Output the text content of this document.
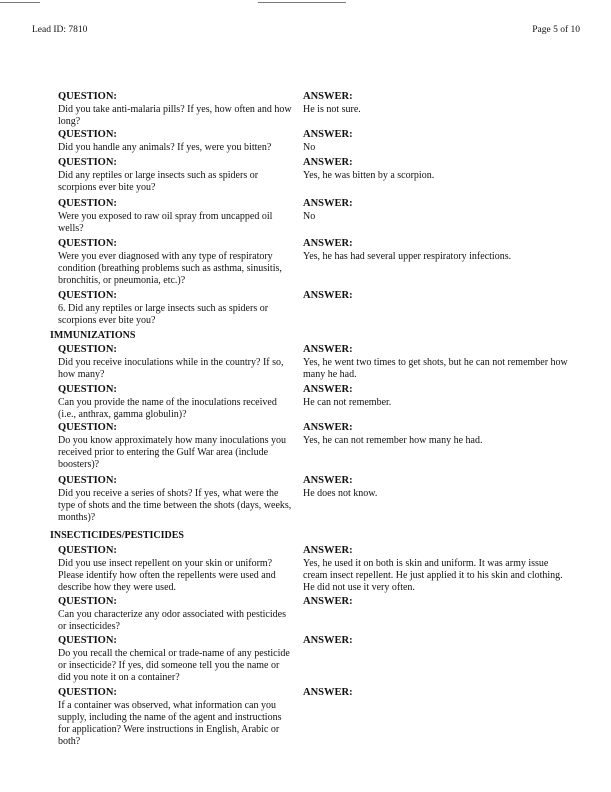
Lead ID: 7810	Page 5 of 10
QUESTION:
Did you take anti-malaria pills? If yes, how often and how long?
ANSWER:
He is not sure.
QUESTION:
Did you handle any animals? If yes, were you bitten?
ANSWER:
No
QUESTION:
Did any reptiles or large insects such as spiders or scorpions ever bite you?
ANSWER:
Yes, he was bitten by a scorpion.
QUESTION:
Were you exposed to raw oil spray from uncapped oil wells?
ANSWER:
No
QUESTION:
Were you ever diagnosed with any type of respiratory condition (breathing problems such as asthma, sinusitis, bronchitis, or pneumonia, etc.)?
ANSWER:
Yes, he has had several upper respiratory infections.
QUESTION:
6. Did any reptiles or large insects such as spiders or scorpions ever bite you?
ANSWER:
IMMUNIZATIONS
QUESTION:
Did you receive inoculations while in the country? If so, how many?
ANSWER:
Yes, he went two times to get shots, but he can not remember how many he had.
QUESTION:
Can you provide the name of the inoculations received (i.e., anthrax, gamma globulin)?
ANSWER:
He can not remember.
QUESTION:
Do you know approximately how many inoculations you received prior to entering the Gulf War area (include boosters)?
ANSWER:
Yes, he can not remember how many he had.
QUESTION:
Did you receive a series of shots? If yes, what were the type of shots and the time between the shots (days, weeks, months)?
ANSWER:
He does not know.
INSECTICIDES/PESTICIDES
QUESTION:
Did you use insect repellent on your skin or uniform? Please identify how often the repellents were used and describe how they were used.
ANSWER:
Yes, he used it on both is skin and uniform. It was army issue cream insect repellent. He just applied it to his skin and clothing. He did not use it very often.
QUESTION:
Can you characterize any odor associated with pesticides or insecticides?
ANSWER:
QUESTION:
Do you recall the chemical or trade-name of any pesticide or insecticide? If yes, did someone tell you the name or did you note it on a container?
ANSWER:
QUESTION:
If a container was observed, what information can you supply, including the name of the agent and instructions for application? Were instructions in English, Arabic or both?
ANSWER:
